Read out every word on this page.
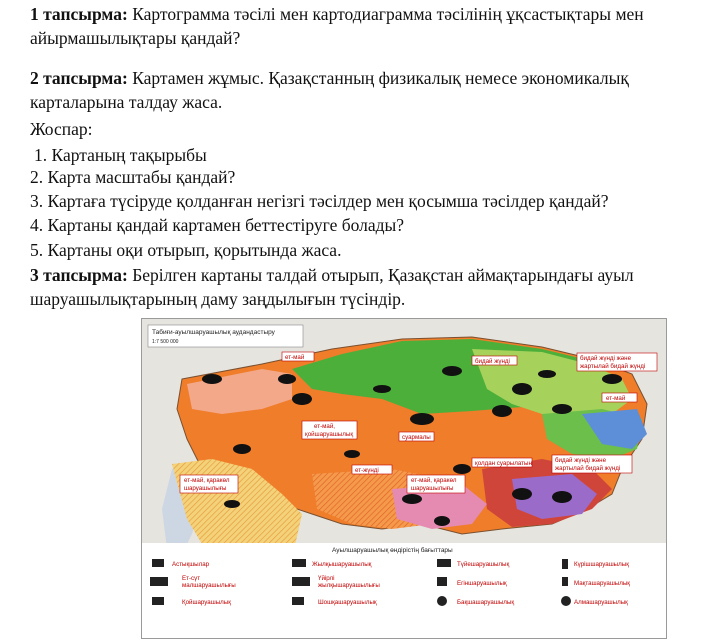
1 тапсырма: Картограмма тәсілі мен картодиаграмма тәсілінің ұқсастықтары мен
айырмашылықтары қандай?
2 тапсырма: Картамен жұмыс. Қазақстанның физикалық немесе экономикалық
карталарына талдау жаса.
Жоспар:
1. Картаның тақырыбы
2. Карта масштабы қандай?
3. Картаға түсіруде қолданған негізгі тәсілдер мен қосымша тәсілдер қандай?
4. Картаны қандай картамен беттестіруге болады?
5. Картаны оқи отырып, қорытында жаса.
3 тапсырма: Берілген картаны талдай отырып, Қазақстан аймақтарындағы ауыл
шаруашылықтарының даму заңдылығын түсіндір.
Табиғи-ауылшаруашылық аудандастыру
1:7 500 000
ет-май
бидай жүнді	бидай жүнді және
жартылай бидай жүнді
ет-май
ет-май,
қойшаруашылық	суармалы
қолдан суарылатын	бидай жүнді және
жартылай бидай жүнді
ет-жүнді
ет-май, қаракөл
шаруашылығы
ет-май, қаракөл
шаруашылығы
Ауылшаруашылық өндірістің бағыттары
Астықшылар	Жылқышаруашылық	Түйешаруашылық	Күрішшаруашылық
Ет-сүт
малшаруашылығы
Үйірлі
жылқышаруашылығы	Егіншаруашылық	Мақташаруашылық
Қойшаруашылық	Шошқашаруашылық	Бақшашаруашылық	Алмашаруашылық
